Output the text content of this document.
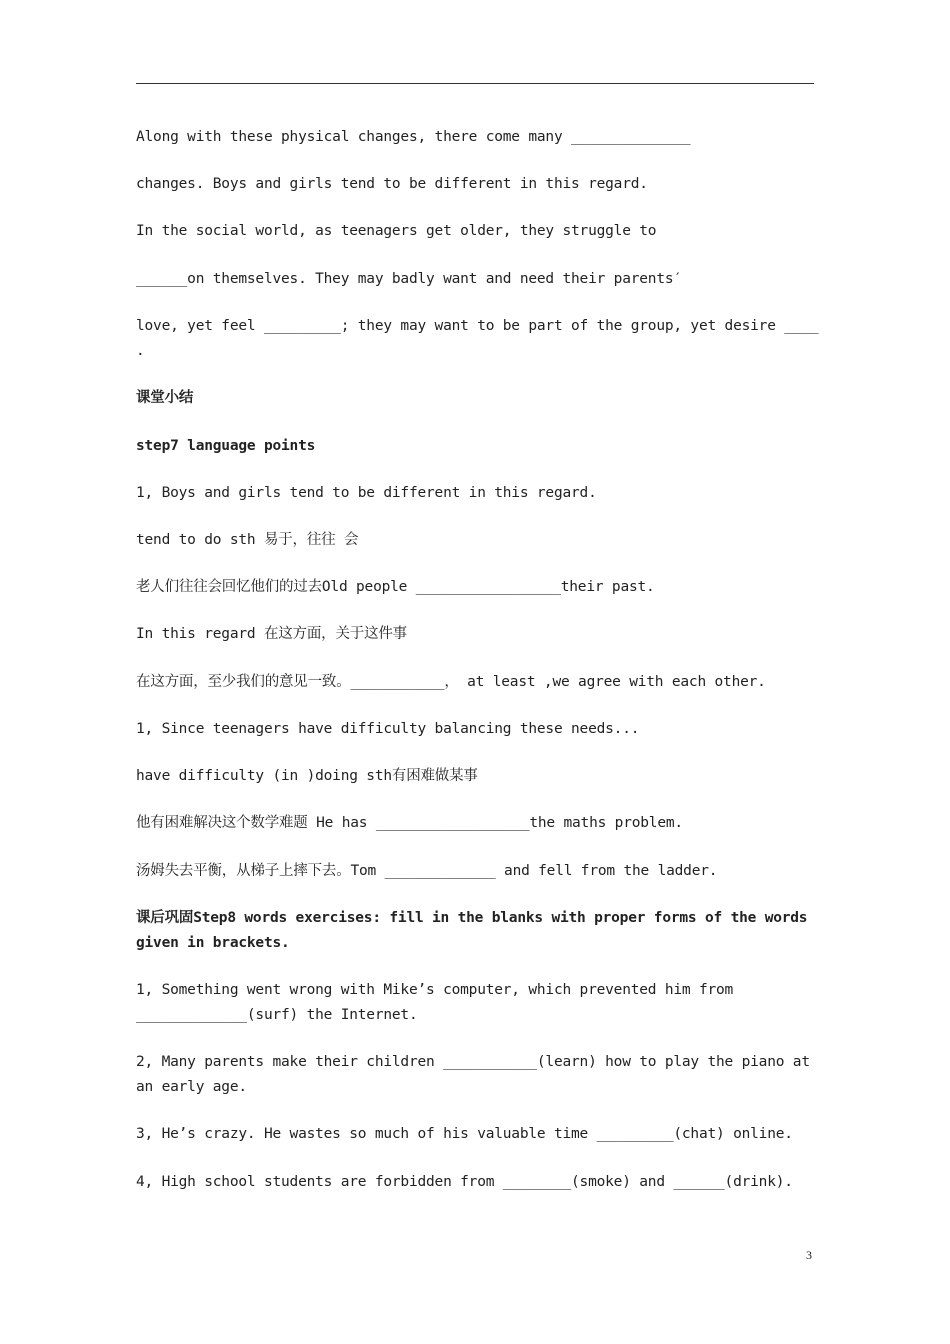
Along with these physical changes, there come many ______________
changes. Boys and girls tend to be different in this regard.
In the social world, as teenagers get older, they struggle to
______on themselves. They may badly want and need their parents′
love, yet feel _________; they may want to be part of the group, yet desire ____
.
课堂小结
step7 language points
1, Boys and girls tend to be different in this regard.
tend to do sth 易于，往往 会
老人们往往会回忆他们的过去Old people _________________their past.
In this regard 在这方面，关于这件事
在这方面，至少我们的意见一致。___________， at least ,we agree with each other.
1, Since teenagers have difficulty balancing these needs...
have difficulty (in )doing sth有困难做某事
他有困难解决这个数学难题 He has __________________the maths problem.
汤姆失去平衡，从梯子上摔下去。Tom _____________ and fell from the ladder.
课后巩固Step8 words exercises: fill in the blanks with proper forms of the words given in brackets.
1, Something went wrong with Mike’s computer, which prevented him from _____________(surf) the Internet.
2, Many parents make their children ___________(learn) how to play the piano at an early age.
3, He’s crazy. He wastes so much of his valuable time _________(chat) online.
4, High school students are forbidden from ________(smoke) and ______(drink).
3
